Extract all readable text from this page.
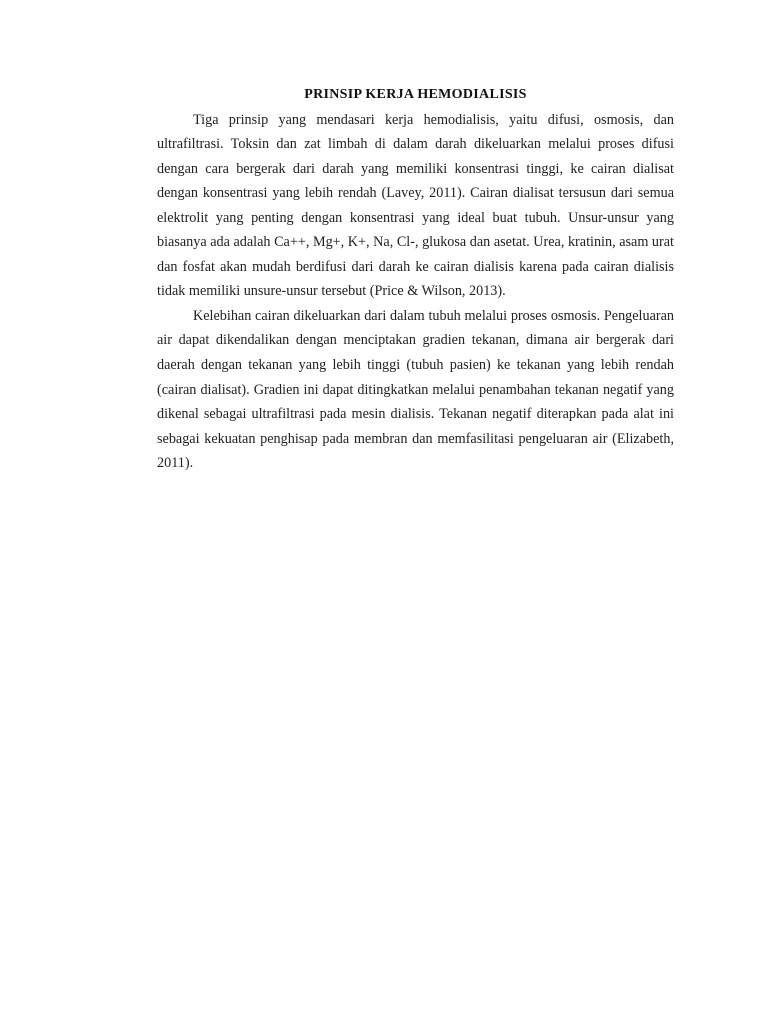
PRINSIP KERJA HEMODIALISIS

Tiga prinsip yang mendasari kerja hemodialisis, yaitu difusi, osmosis, dan ultrafiltrasi. Toksin dan zat limbah di dalam darah dikeluarkan melalui proses difusi dengan cara bergerak dari darah yang memiliki konsentrasi tinggi, ke cairan dialisat dengan konsentrasi yang lebih rendah (Lavey, 2011). Cairan dialisat tersusun dari semua elektrolit yang penting dengan konsentrasi yang ideal buat tubuh. Unsur-unsur yang biasanya ada adalah Ca++, Mg+, K+, Na, Cl-, glukosa dan asetat. Urea, kratinin, asam urat dan fosfat akan mudah berdifusi dari darah ke cairan dialisis karena pada cairan dialisis tidak memiliki unsure-unsur tersebut (Price & Wilson, 2013).

Kelebihan cairan dikeluarkan dari dalam tubuh melalui proses osmosis. Pengeluaran air dapat dikendalikan dengan menciptakan gradien tekanan, dimana air bergerak dari daerah dengan tekanan yang lebih tinggi (tubuh pasien) ke tekanan yang lebih rendah (cairan dialisat). Gradien ini dapat ditingkatkan melalui penambahan tekanan negatif yang dikenal sebagai ultrafiltrasi pada mesin dialisis. Tekanan negatif diterapkan pada alat ini sebagai kekuatan penghisap pada membran dan memfasilitasi pengeluaran air (Elizabeth, 2011).
